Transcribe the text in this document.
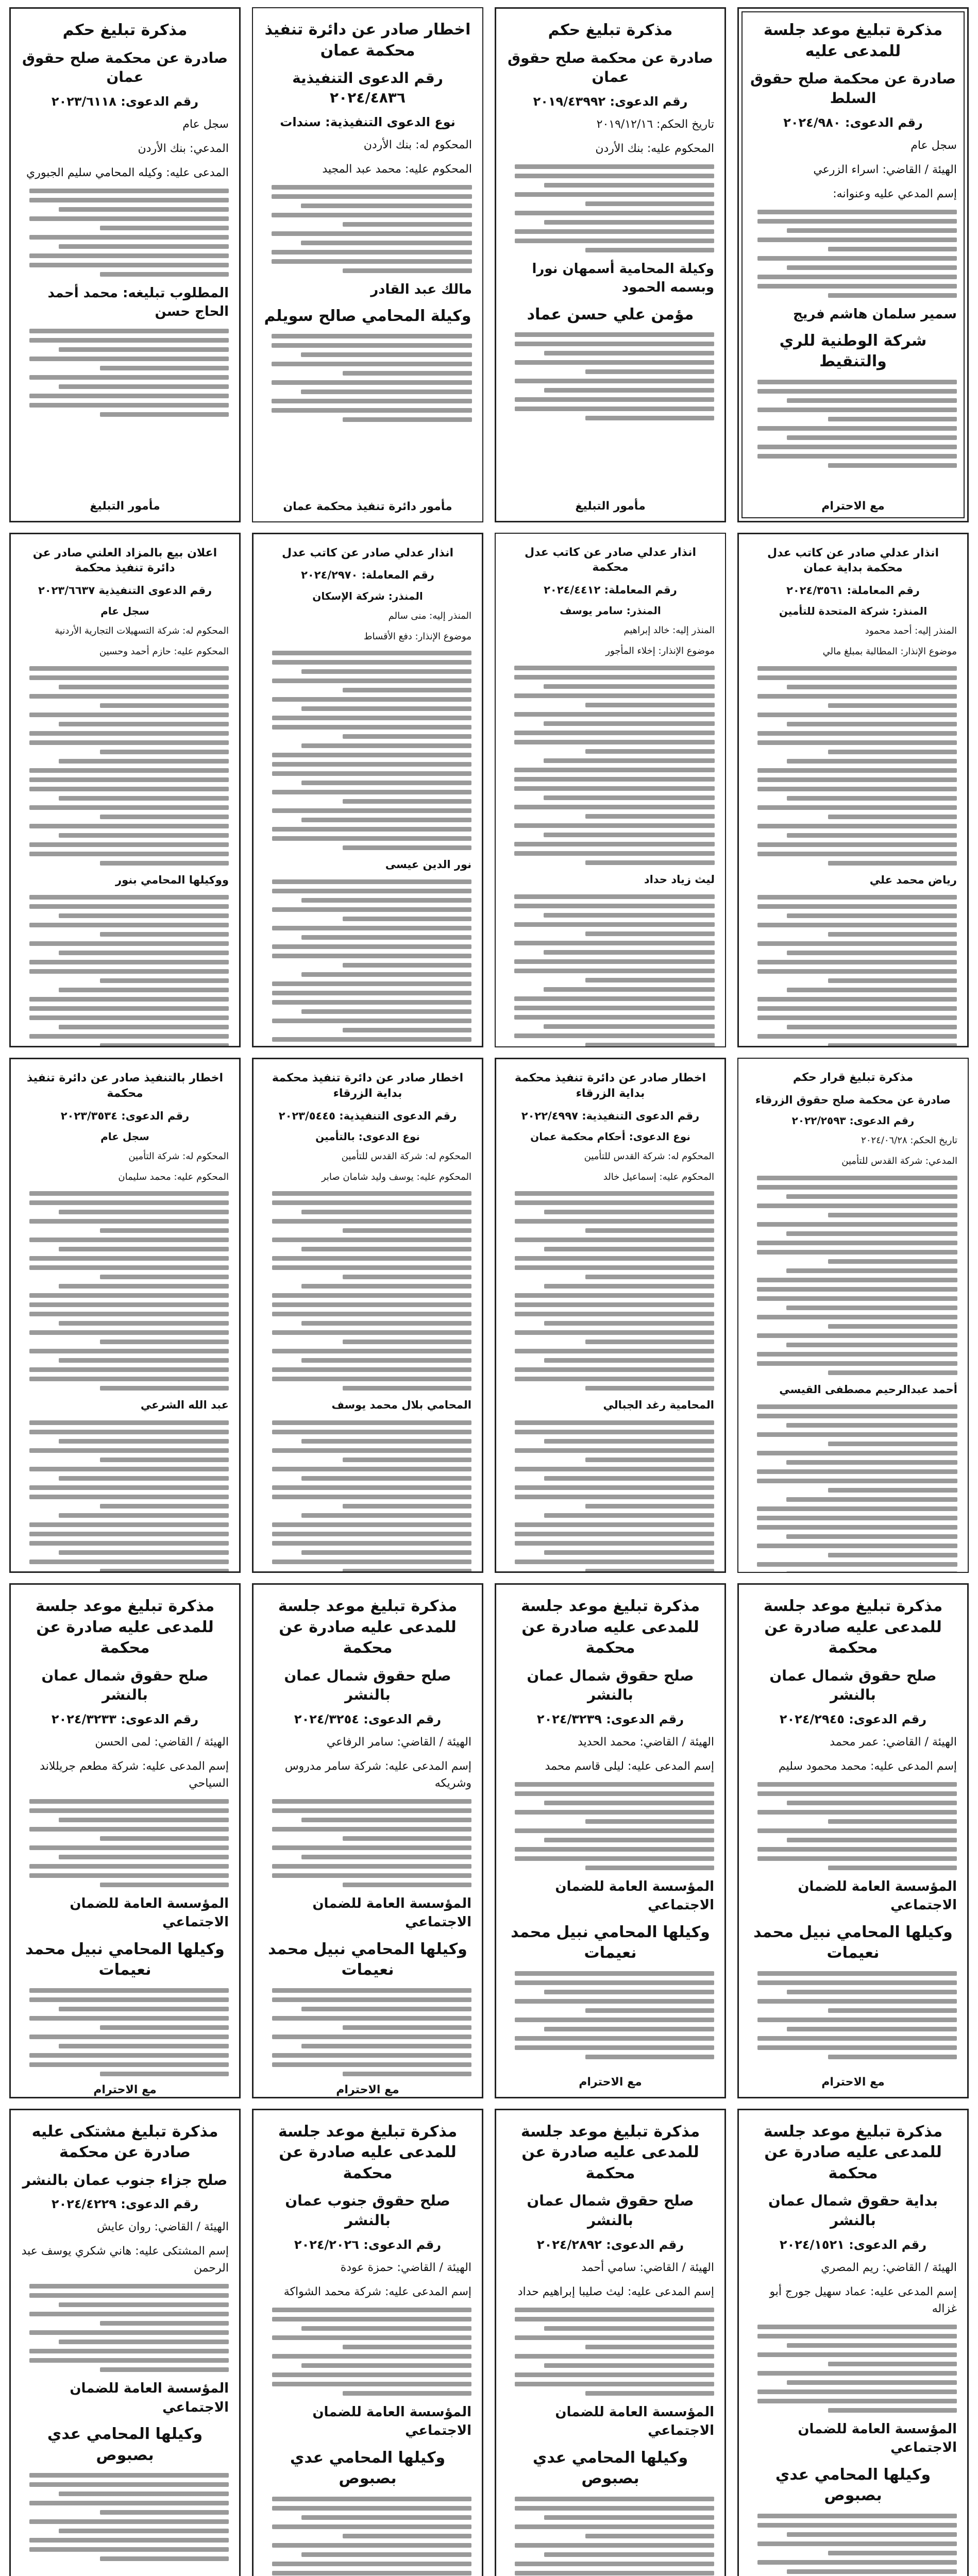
مذكرة تبليغ موعد جلسة للمدعى عليه
صادرة عن محكمة صلح حقوق السلط
رقم الدعوى: ٢٠٢٤/٩٨٠
سجل عام
الهيئة / القاضي: اسراء الزرعي
إسم المدعي عليه وعنوانه:
سمير سلمان هاشم فريج
شركة الوطنية للري والتنقيط
مع الاحترام
مذكرة تبليغ حكم
صادرة عن محكمة صلح حقوق عمان
رقم الدعوى: ٢٠١٩/٤٣٩٩٢
تاريخ الحكم: ٢٠١٩/١٢/١٦
المحكوم عليه: بنك الأردن
وكيلة المحامية أسمهان نورا وبسمه الحمود
مؤمن علي حسن عماد
مأمور التبليغ
اخطار صادر عن دائرة تنفيذ محكمة عمان
رقم الدعوى التنفيذية ٢٠٢٤/٤٨٣٦
نوع الدعوى التنفيذية: سندات
المحكوم له: بنك الأردن
المحكوم عليه: محمد عبد المجيد
مالك عبد القادر
وكيلة المحامي صالح سويلم
مأمور دائرة تنفيذ محكمة عمان
مذكرة تبليغ حكم
صادرة عن محكمة صلح حقوق عمان
رقم الدعوى: ٢٠٢٣/٦١١٨
سجل عام
المدعي: بنك الأردن
المدعى عليه: وكيله المحامي سليم الجبوري
المطلوب تبليغه: محمد أحمد الحاج حسن
مأمور التبليغ
انذار عدلي صادر عن كاتب عدل محكمة بداية عمان
رقم المعاملة: ٢٠٢٤/٣٥٦١
المنذر: شركة المتحدة للتأمين
المنذر إليه: أحمد محمود
موضوع الإنذار: المطالبة بمبلغ مالي
رياض محمد علي
انذار عدلي صادر عن كاتب عدل محكمة
رقم المعاملة: ٢٠٢٤/٤٤١٢
المنذر: سامر يوسف
المنذر إليه: خالد إبراهيم
موضوع الإنذار: إخلاء المأجور
ليث زياد حداد
انذار عدلي صادر عن كاتب عدل
رقم المعاملة: ٢٠٢٤/٢٩٧٠
المنذر: شركة الإسكان
المنذر إليه: منى سالم
موضوع الإنذار: دفع الأقساط
نور الدين عيسى
اعلان بيع بالمزاد العلني صادر عن دائرة تنفيذ محكمة
رقم الدعوى التنفيذية ٢٠٢٣/٦٦٣٧
سجل عام
المحكوم له: شركة التسهيلات التجارية الأردنية
المحكوم عليه: حازم أحمد وحسين
ووكيلها المحامي بنور
مذكرة تبليغ قرار حكم
صادرة عن محكمة صلح حقوق الزرقاء
رقم الدعوى: ٢٠٢٢/٢٥٩٣
تاريخ الحكم: ٢٠٢٤/٠٦/٢٨
المدعي: شركة القدس للتأمين
أحمد عبدالرحيم مصطفى القيسي
اخطار صادر عن دائرة تنفيذ محكمة بداية الزرقاء
رقم الدعوى التنفيذية: ٢٠٢٢/٤٩٩٧
نوع الدعوى: أحكام محكمة عمان
المحكوم له: شركة القدس للتأمين
المحكوم عليه: إسماعيل خالد
المحامية رغد الجبالي
اخطار صادر عن دائرة تنفيذ محكمة بداية الزرقاء
رقم الدعوى التنفيذية: ٢٠٢٣/٥٤٤٥
نوع الدعوى: بالتأمين
المحكوم له: شركة القدس للتأمين
المحكوم عليه: يوسف وليد شامان صابر
المحامي بلال محمد يوسف
اخطار بالتنفيذ صادر عن دائرة تنفيذ محكمة
رقم الدعوى: ٢٠٢٣/٣٥٣٤
سجل عام
المحكوم له: شركة التأمين
المحكوم عليه: محمد سليمان
عبد الله الشرعي
مذكرة تبليغ موعد جلسة للمدعى عليه صادرة عن محكمة
صلح حقوق شمال عمان بالنشر
رقم الدعوى: ٢٠٢٤/٢٩٤٥
الهيئة / القاضي: عمر محمد
إسم المدعى عليه: محمد محمود سليم
المؤسسة العامة للضمان الاجتماعي
وكيلها المحامي نبيل محمد نعيمات
مع الاحترام
مذكرة تبليغ موعد جلسة للمدعى عليه صادرة عن محكمة
صلح حقوق شمال عمان بالنشر
رقم الدعوى: ٢٠٢٤/٣٢٣٩
الهيئة / القاضي: محمد الحديد
إسم المدعى عليه: ليلى قاسم محمد
المؤسسة العامة للضمان الاجتماعي
وكيلها المحامي نبيل محمد نعيمات
مع الاحترام
مذكرة تبليغ موعد جلسة للمدعى عليه صادرة عن محكمة
صلح حقوق شمال عمان بالنشر
رقم الدعوى: ٢٠٢٤/٣٢٥٤
الهيئة / القاضي: سامر الرفاعي
إسم المدعى عليه: شركة سامر مدروس وشريكه
المؤسسة العامة للضمان الاجتماعي
وكيلها المحامي نبيل محمد نعيمات
مع الاحترام
مذكرة تبليغ موعد جلسة للمدعى عليه صادرة عن محكمة
صلح حقوق شمال عمان بالنشر
رقم الدعوى: ٢٠٢٤/٣٢٣٣
الهيئة / القاضي: لمى الحسن
إسم المدعى عليه: شركة مطعم جريللاند السياحي
المؤسسة العامة للضمان الاجتماعي
وكيلها المحامي نبيل محمد نعيمات
مع الاحترام
مذكرة تبليغ موعد جلسة للمدعى عليه صادرة عن محكمة
بداية حقوق شمال عمان بالنشر
رقم الدعوى: ٢٠٢٤/١٥٢١
الهيئة / القاضي: ريم المصري
إسم المدعى عليه: عماد سهيل جورج أبو غزاله
المؤسسة العامة للضمان الاجتماعي
وكيلها المحامي عدي بصبوص
مذكرة تبليغ موعد جلسة للمدعى عليه صادرة عن محكمة
صلح حقوق شمال عمان بالنشر
رقم الدعوى: ٢٠٢٤/٢٨٩٢
الهيئة / القاضي: سامي أحمد
إسم المدعى عليه: ليث صليبا إبراهيم حداد
المؤسسة العامة للضمان الاجتماعي
وكيلها المحامي عدي بصبوص
مذكرة تبليغ موعد جلسة للمدعى عليه صادرة عن محكمة
صلح حقوق جنوب عمان بالنشر
رقم الدعوى: ٢٠٢٤/٢٠٢٦
الهيئة / القاضي: حمزة عودة
إسم المدعى عليه: شركة محمد الشواكة
المؤسسة العامة للضمان الاجتماعي
وكيلها المحامي عدي بصبوص
مذكرة تبليغ مشتكى عليه صادرة عن محكمة
صلح جزاء جنوب عمان بالنشر
رقم الدعوى: ٢٠٢٤/٤٢٢٩
الهيئة / القاضي: روان عايش
إسم المشتكى عليه: هاني شكري يوسف عبد الرحمن
المؤسسة العامة للضمان الاجتماعي
وكيلها المحامي عدي بصبوص
